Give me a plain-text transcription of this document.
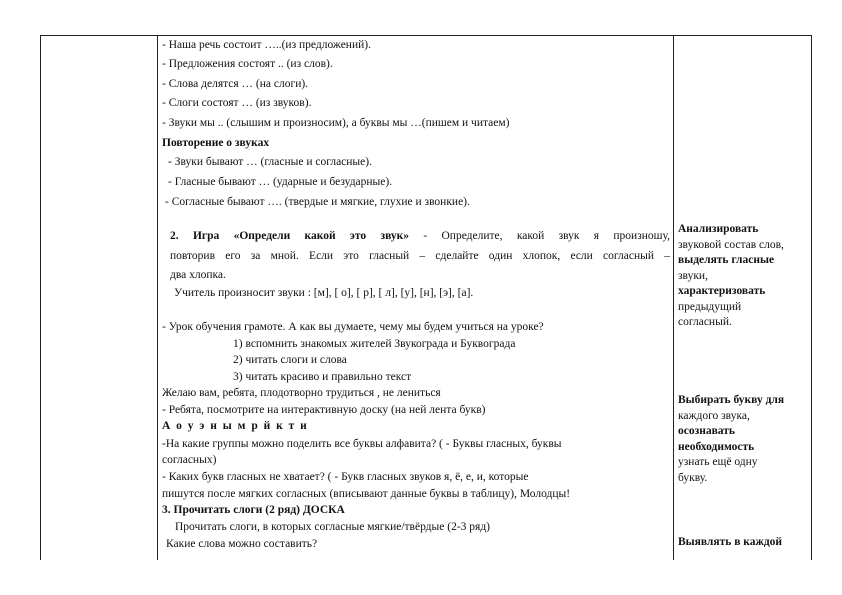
- Наша речь состоит …..(из предложений).
- Предложения состоят .. (из слов).
- Слова делятся … (на слоги).
- Слоги состоят … (из звуков).
- Звуки мы .. (слышим и произносим), а буквы мы …(пишем и читаем)
Повторение о звуках
- Звуки бывают … (гласные и согласные).
- Гласные бывают … (ударные и безударные).
- Согласные бывают …. (твердые и мягкие, глухие и звонкие).
2. Игра «Определи какой это звук» - Определите, какой звук я произношу,
повторив его за мной. Если это гласный – сделайте один хлопок, если согласный –
два хлопка.
Учитель произносит звуки : [м], [ о], [ р], [ л], [у], [н], [э], [а].
- Урок обучения грамоте. А как вы думаете, чему мы будем учиться на уроке?
1) вспомнить знакомых жителей Звукограда и Буквограда
2) читать слоги и слова
3) читать красиво и правильно текст
Желаю вам, ребята, плодотворно трудиться , не лениться
- Ребята, посмотрите на интерактивную доску (на ней лента букв)
А о у э н ы м р й к т и
-На какие группы можно поделить все буквы алфавита? ( - Буквы гласных, буквы
согласных)
- Каких букв гласных не хватает? ( - Букв гласных звуков я, ё, е, и, которые
пишутся после мягких согласных (вписывают данные буквы в таблицу), Молодцы!
3. Прочитать слоги (2 ряд) ДОСКА
Прочитать слоги, в которых согласные мягкие/твёрдые (2-3 ряд)
Какие слова можно составить?
Анализировать
звуковой состав слов,
выделять гласные
звуки,
характеризовать
предыдущий
согласный.
Выбирать букву для
каждого звука,
осознавать
необходимость
узнать ещё одну
букву.
Выявлять в каждой
